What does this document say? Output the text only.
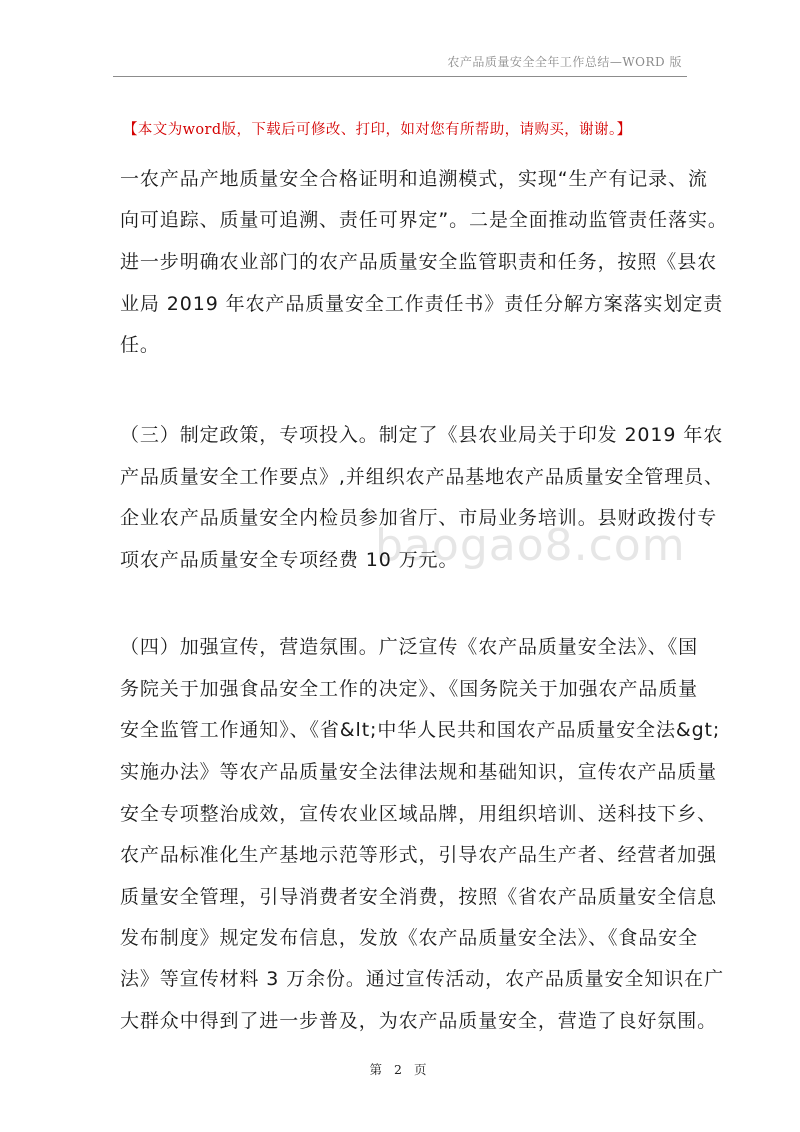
农产品质量安全全年工作总结—WORD 版
【本文为word版，下载后可修改、打印，如对您有所帮助，请购买，谢谢。】
baogao8.com
一农产品产地质量安全合格证明和追溯模式，实现“生产有记录、流
向可追踪、质量可追溯、责任可界定”。二是全面推动监管责任落实。
进一步明确农业部门的农产品质量安全监管职责和任务，按照《县农
业局 2019 年农产品质量安全工作责任书》责任分解方案落实划定责
任。
（三）制定政策，专项投入。制定了《县农业局关于印发 2019 年农
产品质量安全工作要点》,并组织农产品基地农产品质量安全管理员、
企业农产品质量安全内检员参加省厅、市局业务培训。县财政拨付专
项农产品质量安全专项经费 10 万元。
（四）加强宣传，营造氛围。广泛宣传《农产品质量安全法》、《国
务院关于加强食品安全工作的决定》、《国务院关于加强农产品质量
安全监管工作通知》、《省&lt;中华人民共和国农产品质量安全法&gt;
实施办法》等农产品质量安全法律法规和基础知识，宣传农产品质量
安全专项整治成效，宣传农业区域品牌，用组织培训、送科技下乡、
农产品标准化生产基地示范等形式，引导农产品生产者、经营者加强
质量安全管理，引导消费者安全消费，按照《省农产品质量安全信息
发布制度》规定发布信息，发放《农产品质量安全法》、《食品安全
法》等宣传材料 3 万余份。通过宣传活动，农产品质量安全知识在广
大群众中得到了进一步普及，为农产品质量安全，营造了良好氛围。
第 2 页
